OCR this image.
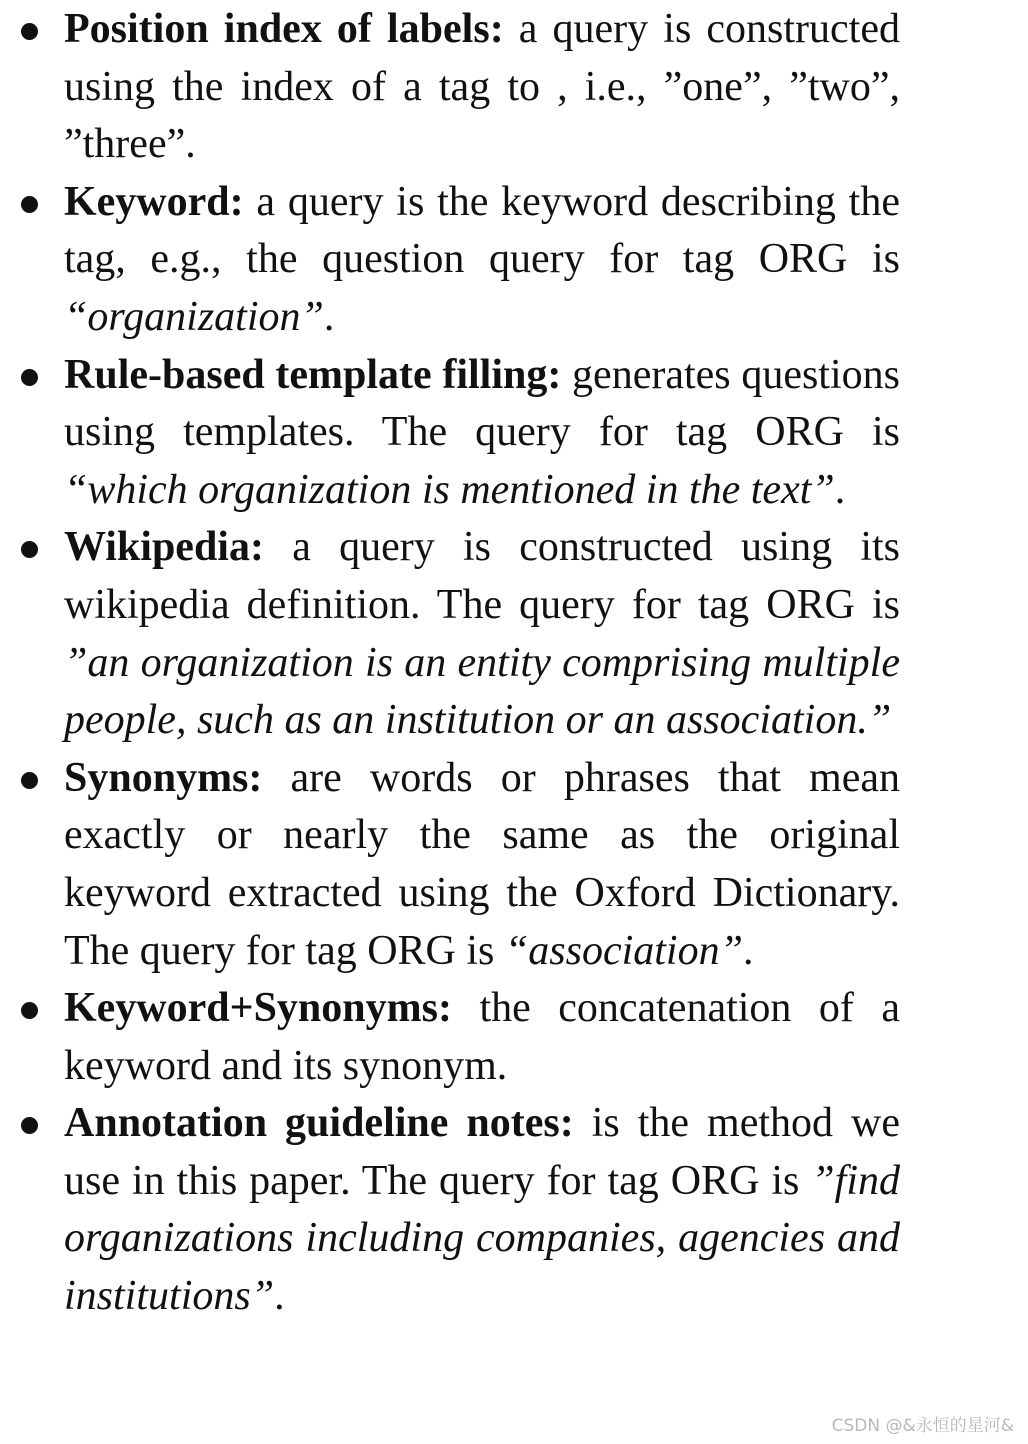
Position index of labels: a query is constructed using the index of a tag to , i.e., ”one”, ”two”, ”three”.
Keyword: a query is the keyword describing the tag, e.g., the question query for tag ORG is “organization”.
Rule-based template filling: generates questions using templates. The query for tag ORG is “which organization is mentioned in the text”.
Wikipedia: a query is constructed using its wikipedia definition. The query for tag ORG is ”an organization is an entity comprising multiple people, such as an institution or an association.”
Synonyms: are words or phrases that mean exactly or nearly the same as the original keyword extracted using the Oxford Dictionary. The query for tag ORG is “association”.
Keyword+Synonyms: the concatenation of a keyword and its synonym.
Annotation guideline notes: is the method we use in this paper. The query for tag ORG is ”find organizations including companies, agencies and institutions”.
CSDN @&永恒的星河&
